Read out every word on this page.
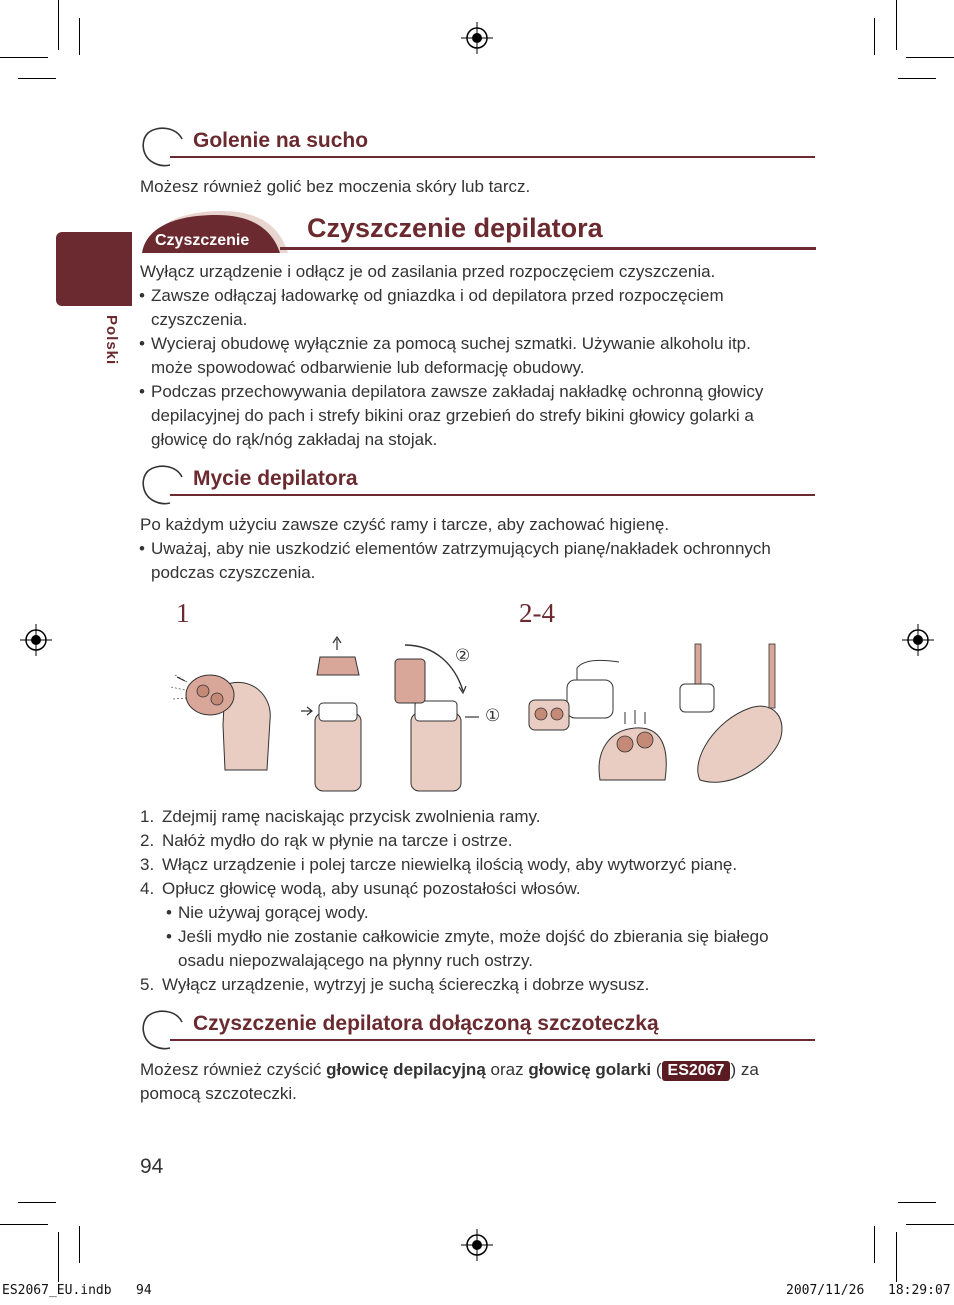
Polski
Golenie na sucho
Możesz również golić bez moczenia skóry lub tarcz.
Czyszczenie Czyszczenie depilatora
Wyłącz urządzenie i odłącz je od zasilania przed rozpoczęciem czyszczenia.
• Zawsze odłączaj ładowarkę od gniazdka i od depilatora przed rozpoczęciem
czyszczenia.
• Wycieraj obudowę wyłącznie za pomocą suchej szmatki. Używanie alkoholu itp.
może spowodować odbarwienie lub deformację obudowy.
• Podczas przechowywania depilatora zawsze zakładaj nakładkę ochronną głowicy
depilacyjnej do pach i strefy bikini oraz grzebień do strefy bikini głowicy golarki a
głowicę do rąk/nóg zakładaj na stojak.
Mycie depilatora
Po każdym użyciu zawsze czyść ramy i tarcze, aby zachować higienę.
• Uważaj, aby nie uszkodzić elementów zatrzymujących pianę/nakładek ochronnych
podczas czyszczenia.
1	2-4
②
①
1. Zdejmij ramę naciskając przycisk zwolnienia ramy.
2. Nałóż mydło do rąk w płynie na tarcze i ostrze.
3. Włącz urządzenie i polej tarcze niewielką ilością wody, aby wytworzyć pianę.
4. Opłucz głowicę wodą, aby usunąć pozostałości włosów.
• Nie używaj gorącej wody.
• Jeśli mydło nie zostanie całkowicie zmyte, może dojść do zbierania się białego
osadu niepozwalającego na płynny ruch ostrzy.
5. Wyłącz urządzenie, wytrzyj je suchą ściereczką i dobrze wysusz.
Czyszczenie depilatora dołączoną szczoteczką
Możesz również czyścić głowicę depilacyjną oraz głowicę golarki ( ES2067 ) za
pomocą szczoteczki.
94
ES2067_EU.indb 94	2007/11/26 18:29:07
